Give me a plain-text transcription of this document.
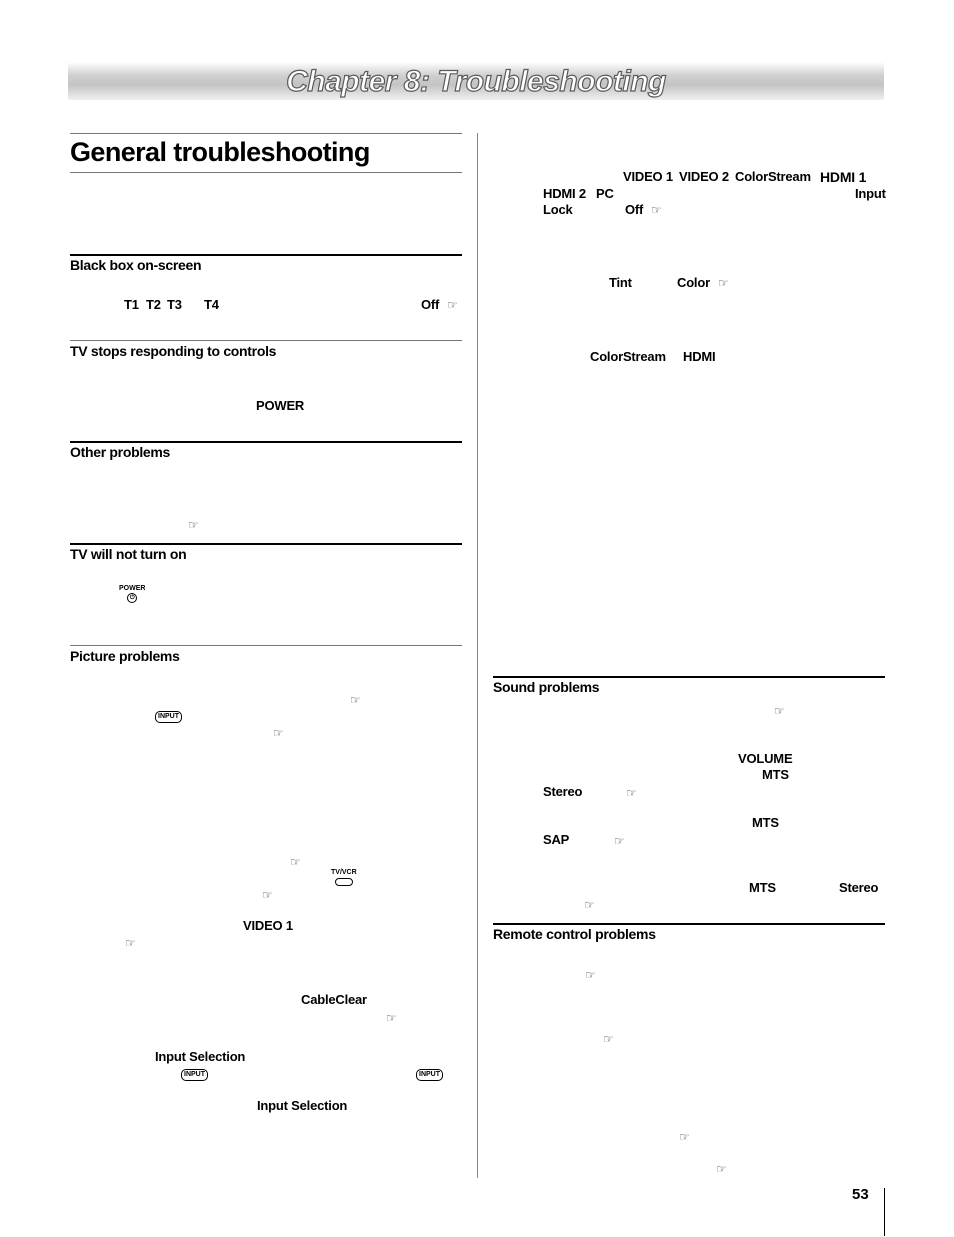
Chapter 8: Troubleshooting
General troubleshooting
Black box on-screen
T1 T2 T3 T4	Off ☞
TV stops responding to controls
POWER
Other problems
☞
TV will not turn on
POWER
⏻
Picture problems
☞
INPUT
☞
☞
TV/VCR
☞
VIDEO 1
☞
CableClear
☞
Input Selection
INPUT	INPUT
Input Selection
VIDEO 1 VIDEO 2 ColorStream HDMI 1
HDMI 2 PC	Input
Lock	Off ☞
Tint	Color ☞
ColorStream HDMI
Sound problems
☞
VOLUME
MTS
Stereo	☞
MTS
SAP	☞
MTS	Stereo
☞
Remote control problems
☞
☞
☞
☞
53
